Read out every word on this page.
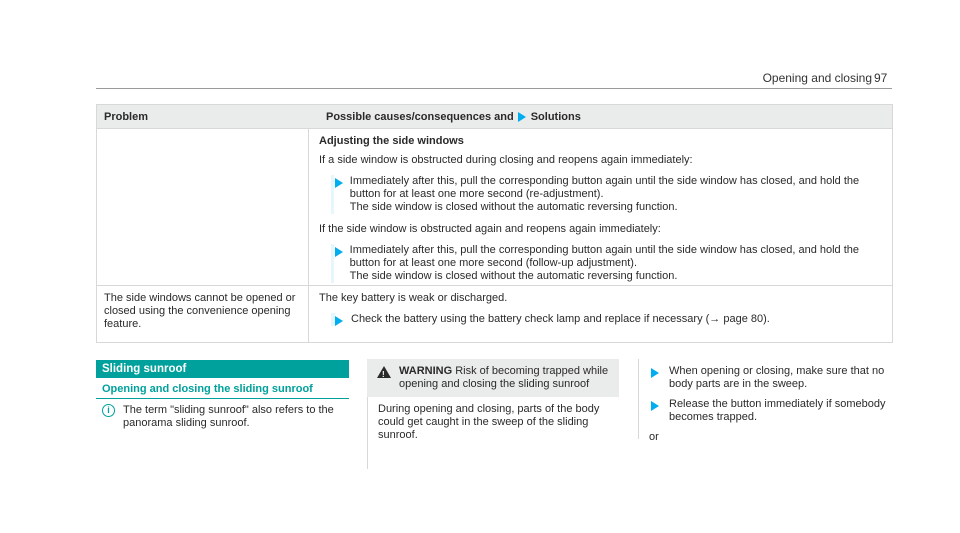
Opening and closing 97
Problem	Possible causes/consequences and Solutions
Adjusting the side windows
If a side window is obstructed during closing and reopens again immediately:
Immediately after this, pull the corresponding button again until the side window has closed, and hold the button for at least one more second (re-adjustment).
The side window is closed without the automatic reversing function.
If the side window is obstructed again and reopens again immediately:
Immediately after this, pull the corresponding button again until the side window has closed, and hold the button for at least one more second (follow-up adjustment).
The side window is closed without the automatic reversing function.
The side windows cannot be opened or closed using the convenience opening feature.
The key battery is weak or discharged.
Check the battery using the battery check lamp and replace if necessary (→ page 80).
Sliding sunroof
Opening and closing the sliding sunroof
i	The term "sliding sunroof" also refers to the panorama sliding sunroof.
! WARNING Risk of becoming trapped while opening and closing the sliding sunroof
During opening and closing, parts of the body could get caught in the sweep of the sliding sunroof.
When opening or closing, make sure that no body parts are in the sweep.
Release the button immediately if somebody becomes trapped.
or
